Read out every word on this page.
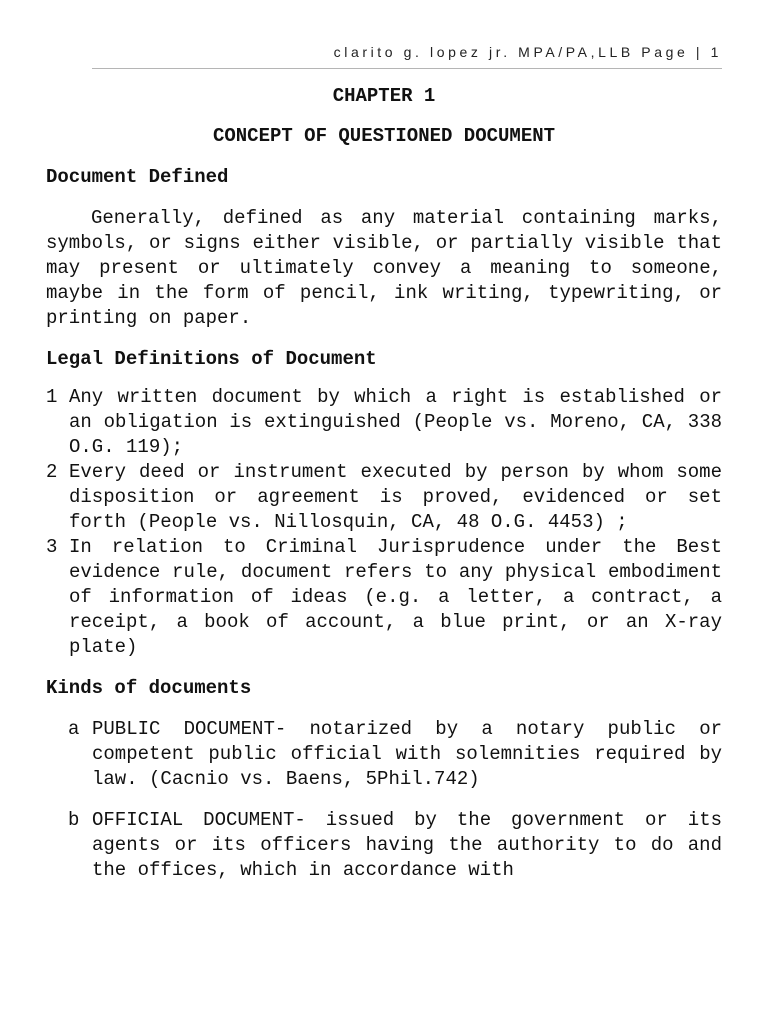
clarito g. lopez jr. MPA/PA,LLB Page | 1
CHAPTER 1
CONCEPT OF QUESTIONED DOCUMENT
Document Defined
Generally, defined as any material containing marks, symbols, or signs either visible, or partially visible that may present or ultimately convey a meaning to someone, maybe in the form of pencil, ink writing, typewriting, or printing on paper.
Legal Definitions of Document
1 Any written document by which a right is established or an obligation is extinguished (People vs. Moreno, CA, 338 O.G. 119);
2 Every deed or instrument executed by person by whom some disposition or agreement is proved, evidenced or set forth (People vs. Nillosquin, CA, 48 O.G. 4453) ;
3 In relation to Criminal Jurisprudence under the Best evidence rule, document refers to any physical embodiment of information of ideas (e.g. a letter, a contract, a receipt, a book of account, a blue print, or an X-ray plate)
Kinds of documents
a PUBLIC DOCUMENT- notarized by a notary public or competent public official with solemnities required by law. (Cacnio vs. Baens, 5Phil.742)
b OFFICIAL DOCUMENT- issued by the government or its agents or its officers having the authority to do and the offices, which in accordance with
